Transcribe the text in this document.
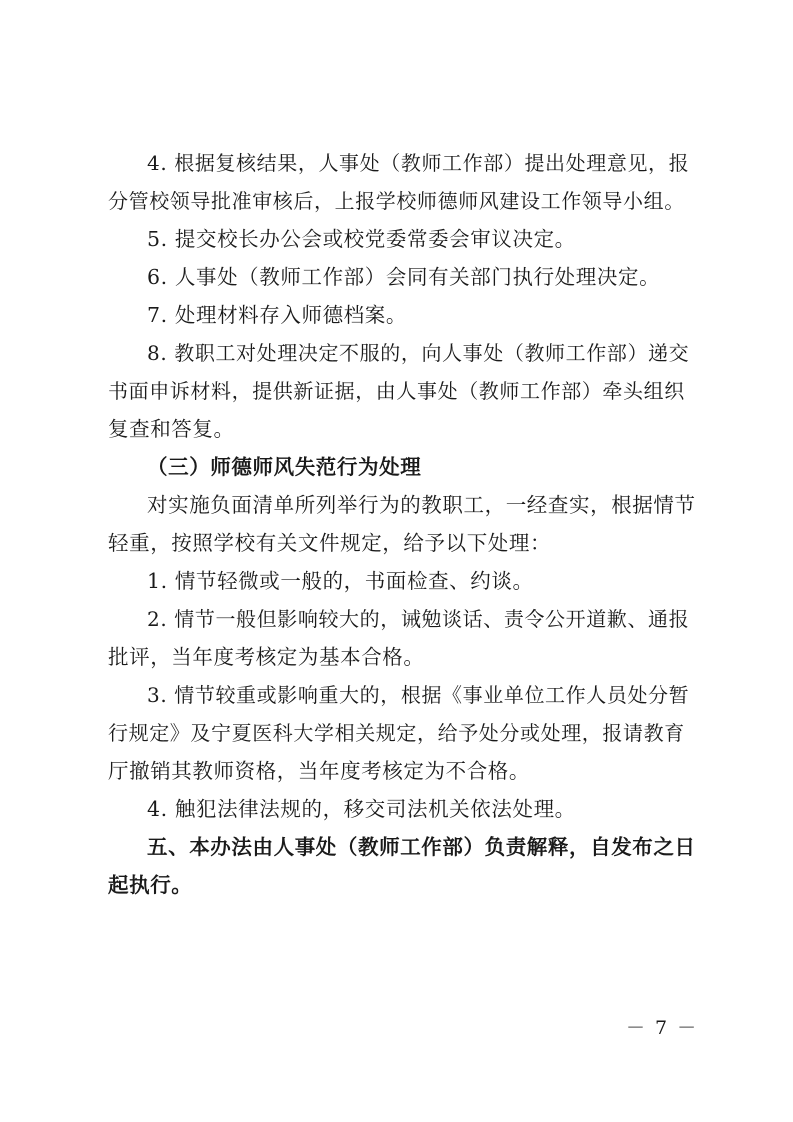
4. 根据复核结果，人事处（教师工作部）提出处理意见，报
分管校领导批准审核后，上报学校师德师风建设工作领导小组。
5. 提交校长办公会或校党委常委会审议决定。
6. 人事处（教师工作部）会同有关部门执行处理决定。
7. 处理材料存入师德档案。
8. 教职工对处理决定不服的，向人事处（教师工作部）递交
书面申诉材料，提供新证据，由人事处（教师工作部）牵头组织
复查和答复。
（三）师德师风失范行为处理
对实施负面清单所列举行为的教职工，一经查实，根据情节
轻重，按照学校有关文件规定，给予以下处理：
1. 情节轻微或一般的，书面检查、约谈。
2. 情节一般但影响较大的，诫勉谈话、责令公开道歉、通报
批评，当年度考核定为基本合格。
3. 情节较重或影响重大的，根据《事业单位工作人员处分暂
行规定》及宁夏医科大学相关规定，给予处分或处理，报请教育
厅撤销其教师资格，当年度考核定为不合格。
4. 触犯法律法规的，移交司法机关依法处理。
五、本办法由人事处（教师工作部）负责解释，自发布之日
起执行。
－ 7 －
